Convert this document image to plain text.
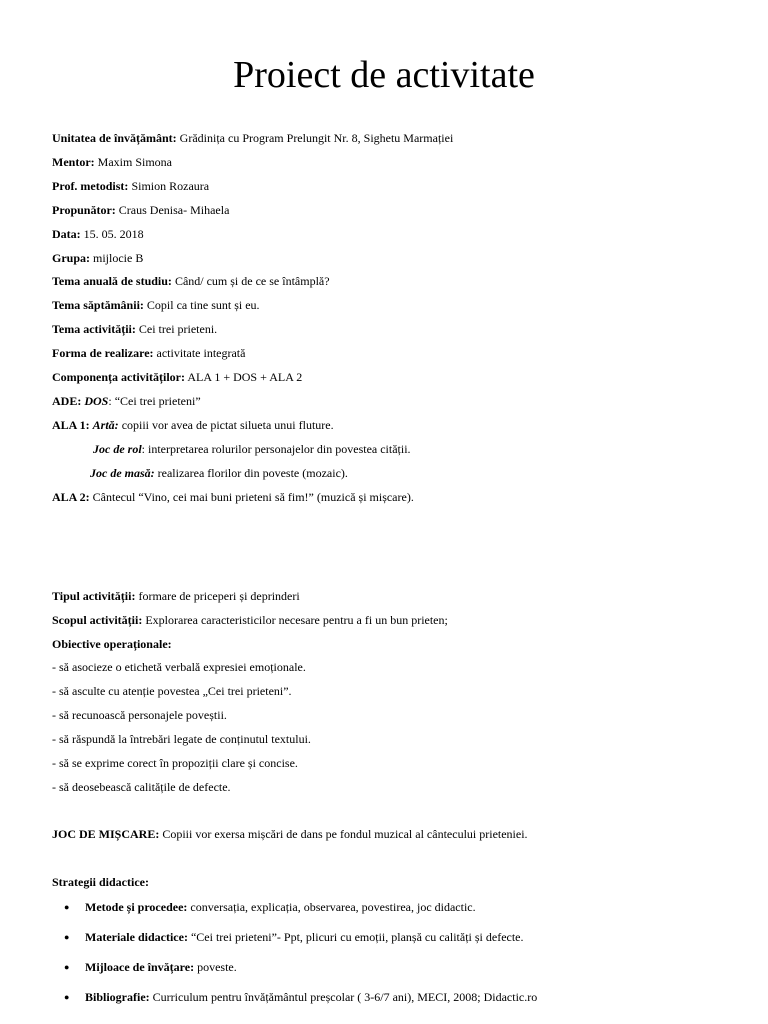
Proiect de activitate
Unitatea de învățământ: Grădinița cu Program Prelungit Nr. 8, Sighetu Marmației
Mentor: Maxim Simona
Prof. metodist: Simion Rozaura
Propunător: Craus Denisa- Mihaela
Data: 15. 05. 2018
Grupa: mijlocie B
Tema anuală de studiu: Când/ cum și de ce se întâmplă?
Tema săptămânii: Copil ca tine sunt și eu.
Tema activității: Cei trei prieteni.
Forma de realizare: activitate integrată
Componența activităților: ALA 1 + DOS + ALA 2
ADE: DOS: “Cei trei prieteni”
ALA 1: Artă: copiii vor avea de pictat silueta unui fluture.
Joc de rol: interpretarea rolurilor personajelor din povestea cității.
Joc de masă: realizarea florilor din poveste (mozaic).
ALA 2: Cântecul “Vino, cei mai buni prieteni să fim!” (muzică și mișcare).
Tipul activității: formare de priceperi și deprinderi
Scopul activității: Explorarea caracteristicilor necesare pentru a fi un bun prieten;
Obiective operaționale:
- să asocieze o etichetă verbală expresiei emoționale.
- să asculte cu atenție povestea „Cei trei prieteni”.
- să recunoască personajele poveștii.
- să răspundă la întrebări legate de conținutul textului.
- să se exprime corect în propoziții clare și concise.
- să deosebească calitățile de defecte.
JOC DE MIȘCARE: Copiii vor exersa mișcări de dans pe fondul muzical al cântecului prieteniei.
Strategii didactice:
● Metode și procedee: conversația, explicația, observarea, povestirea, joc didactic.
● Materiale didactice: “Cei trei prieteni”- Ppt, plicuri cu emoții, planșă cu calități și defecte.
● Mijloace de învățare: poveste.
● Bibliografie: Curriculum pentru învățământul preșcolar ( 3-6/7 ani), MECI, 2008; Didactic.ro
